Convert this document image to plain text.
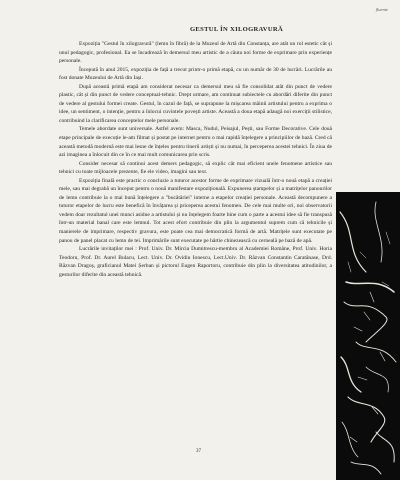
fluente
GESTUL ÎN XILOGRAVURĂ

Expoziția "Gestul în xilogravură" (lemn în fibră) de la Muzeul de Artă din Constanța, are atât un rol estetic cât și unul pedagogic, profesional. Ea se încadrează în demersul meu artistic de a căuta noi forme de exprimare prin experiențe personale.

Începută în anul 2015, expoziția de față a trecut printr-o primă etapă, cu un număr de 30 de lucrări. Lucrările au fost donate Muzeului de Artă din Iași.

După această primă etapă am considerat necesar ca demersul meu să fie consolidat atât din punct de vedere plastic, cât și din punct de vedere conceptual-tehnic. Drept urmare, am continuat subiectele cu abordări diferite din punct de vedere al gestului formei create. Gestul, în cazul de față, se suprapune la mișcarea mâinii artistului pentru a exprima o idee, un sentiment, o intenție, pentru a înlocui cuvintele povești artiste. Această a doua etapă adaugă noi exerciții stilistice, contribuind la clarificarea conceptelor mele personale.

Temele abordate sunt universale. Astfel avem: Masca, Nudul, Peisajul, Pești, sau Forme Decorative. Cele două etape principale de execuție le-am filmat și postat pe internet pentru o mai rapidă înțelegere a principiilor de bază. Cred că această metodă modernă este mai lesne de înțeles pentru tinerii artiști și nu numai, în perceperea acestei tehnici. În ziua de azi imaginea a înlocuit din ce în ce mai mult comunicarea prin scris.

Consider necesar să continui acest demers pedagogic, să explic cât mai eficient unele fenomene artistice sau tehnici cu toate mijloacele prezente, fie ele video, imagini sau text.

Expoziția finală este practic o concluzie a tuturor acestor forme de exprimare vizuală într-o nouă etapă a creației mele, sau mai degrabă un început pentru o nouă manifestare expozițională. Expunerea ștampelor și a matrițelor panourilor de lemn contribuie la o mai bună înțelegere a "bucătăriei" interne a etapelor creației personale. Această decompunere a tuturor etapelor de lucru este benefică în învățarea și priceperea acestui fenomen. De cele mai multe ori, noi observatorii vedem doar rezultatul unei munci asidue a artistului și nu înțelegem foarte bine cum o parte a acestui idee să fie transpusă într-un material banal care este lemnul. Tot acest efort contribuie din plin la argumentul suprem cum că tehnicile și manierele de imprimare, respectiv gravura, este poate cea mai democratică formă de artă. Matrițele sunt executate pe panou de panel placat cu lemn de tei. Imprimările sunt executate pe hârtie chinezească cu cerneală pe bază de apă.

Lucrările invitaților mei : Prof. Univ. Dr. Mircia Dumitrescu-membru al Academiei Române, Prof. Univ. Horia Teodoru, Prof. Dr. Aurel Bulacu, Lect. Univ. Dr. Ovidiu Ionescu, Lect.Univ. Dr. Răzvan Constantin Caratănase, Drd. Răzvan Dragoș, graficianul Matei Șerban și pictorul Eugen Raportoru, contribuie din plin la diversitatea atitudinilor, a gesturilor diferite din această tehnică.

37
